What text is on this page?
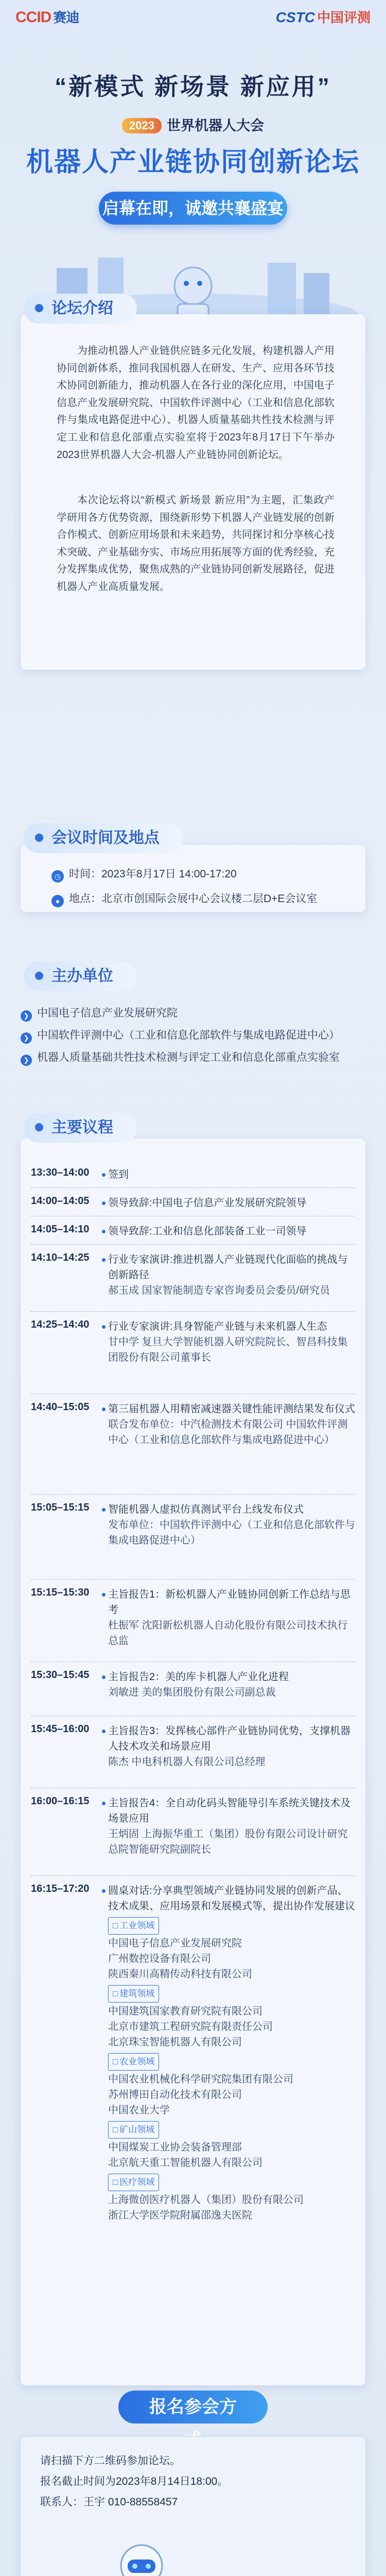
CCID 赛迪	CSTC 中国评测
“新模式 新场景 新应用”
2023 世界机器人大会
机器人产业链协同创新论坛
启幕在即，诚邀共襄盛宴
论坛介绍
为推动机器人产业链供应链多元化发展，构建机器人产用协同创新体系，推同我国机器人在研发、生产、应用各环节技术协同创新能力，推动机器人在各行业的深化应用，中国电子信息产业发展研究院、中国软件评测中心（工业和信息化部软件与集成电路促进中心）、机器人质量基础共性技术检测与评定工业和信息化部重点实验室将于2023年8月17日下午举办2023世界机器人大会-机器人产业链协同创新论坛。
本次论坛将以“新模式 新场景 新应用”为主题，汇集政产学研用各方优势资源，围绕新形势下机器人产业链发展的创新合作模式、创新应用场景和未来趋势，共同探讨和分享核心技术突破、产业基础夯实、市场应用拓展等方面的优秀经验，充分发挥集成优势，聚焦成熟的产业链协同创新发展路径，促进机器人产业高质量发展。
会议时间及地点
◷ 时间：2023年8月17日 14:00-17:20
● 地点：北京市创国际会展中心会议楼二层D+E会议室
主办单位
❯ 中国电子信息产业发展研究院
❯ 中国软件评测中心（工业和信息化部软件与集成电路促进中心）
❯ 机器人质量基础共性技术检测与评定工业和信息化部重点实验室
主要议程
13:30–14:00	签到
14:00–14:05	领导致辞:中国电子信息产业发展研究院领导
14:05–14:10	领导致辞:工业和信息化部装备工业一司领导
14:10–14:25	行业专家演讲:推进机器人产业链现代化面临的挑战与创新路径
郝玉成 国家智能制造专家咨询委员会委员/研究员
14:25–14:40	行业专家演讲:具身智能产业链与未来机器人生态
甘中学 复旦大学智能机器人研究院院长、智昌科技集团股份有限公司董事长
14:40–15:05	第三届机器人用精密减速器关键性能评测结果发布仪式
联合发布单位：中汽检测技术有限公司 中国软件评测中心（工业和信息化部软件与集成电路促进中心）
15:05–15:15	智能机器人虚拟仿真测试平台上线发布仪式
发布单位：中国软件评测中心（工业和信息化部软件与集成电路促进中心）
15:15–15:30	主旨报告1：新松机器人产业链协同创新工作总结与思考
杜振军 沈阳新松机器人自动化股份有限公司技术执行总监
15:30–15:45	主旨报告2：美的库卡机器人产业化进程
刘敏进 美的集团股份有限公司副总裁
15:45–16:00	主旨报告3：发挥核心部件产业链协同优势，支撑机器人技术攻关和场景应用
陈杰 中电科机器人有限公司总经理
16:00–16:15	主旨报告4：全自动化码头智能导引车系统关键技术及场景应用
王炳固 上海振华重工（集团）股份有限公司设计研究总院智能研究院副院长
16:15–17:20	圆桌对话:分享典型领域产业链协同发展的创新产品、技术成果、应用场景和发展模式等，提出协作发展建议
□ 工业领域
中国电子信息产业发展研究院
广州数控设备有限公司
陕西秦川高精传动科技有限公司
□ 建筑领域
中国建筑国家教育研究院有限公司
北京市建筑工程研究院有限责任公司
北京珠宝智能机器人有限公司
□ 农业领域
中国农业机械化科学研究院集团有限公司
苏州博田自动化技术有限公司
中国农业大学
□ 矿山领域
中国煤炭工业协会装备管理部
北京航天重工智能机器人有限公司
□ 医疗领域
上海微创医疗机器人（集团）股份有限公司
浙江大学医学院附属邵逸夫医院
报名参会方
请扫描下方二维码参加论坛。
报名截止时间为2023年8月14日18:00。
联系人：王宇 010-88558457
